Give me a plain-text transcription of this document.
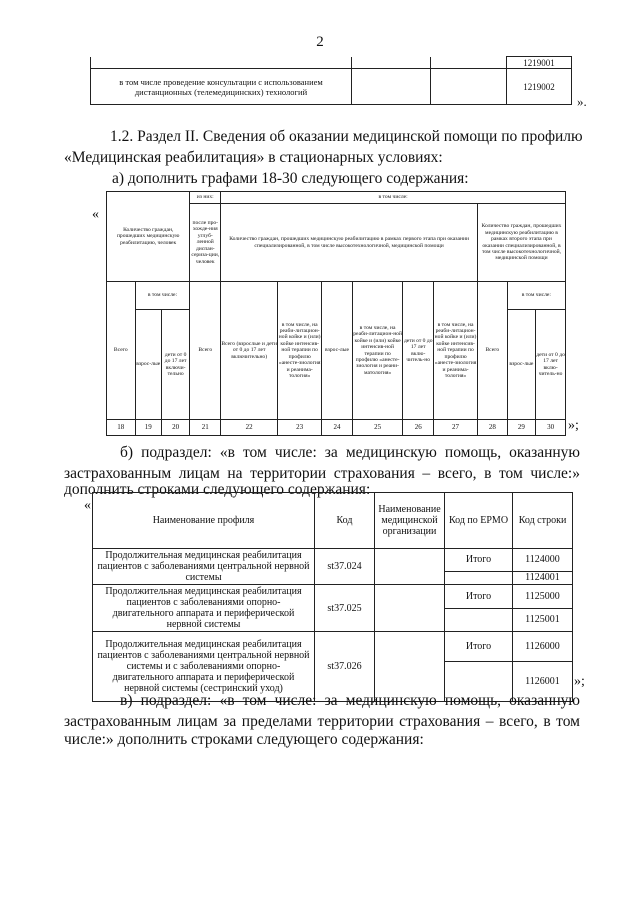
2
			1219001
в том числе проведение консультации с использованием дистанционных (телемедицинских) технологий			1219002
».
1.2. Раздел II. Сведения об оказании медицинской помощи по профилю «Медицинская реабилитация» в стационарных условиях:
а) дополнить графами 18-30 следующего содержания:
«
Количество граждан, прошедших медицинскую реабилитацию, человек			из них:	в том числе:								
			после про-хожде-ния углуб-ленной диспан-сериза-ции, человек	Количество граждан, прошедших медицинскую реабилитацию в рамках первого этапа при оказании специализированной, в том числе высокотехнологичной, медицинской помощи						Количество граждан, прошедших медицинскую реабилитацию в рамках второго этапа при оказании специализированной, в том числе высокотехнологичной, медицинской помощи		
Всего	в том числе:		Всего	Всего (взрослые и дети от 0 до 17 лет включительно)	в том числе, на реаби-литацион-ной койке и (или) койке интенсив-ной терапии по профилю «анесте-зиология и реанима-тология»	взрос-лые	в том числе, на реаби-литацион-ной койке и (или) койке интенсив-ной терапии по профилю «анесте-зиология и реани-матология»	дети от 0 до 17 лет вклю-читель-но	в том числе, на реаби-литацион-ной койке и (или) койке интенсив-ной терапии по профилю «анесте-зиология и реанима-тология»	Всего	в том числе:	
	взрос-лые	дети от 0 до 17 лет включи-тельно									взрос-лые	дети от 0 до 17 лет вклю-читель-но
18	19	20	21	22	23	24	25	26	27	28	29	30 »;
б) подраздел: «в том числе: за медицинскую помощь, оказанную
застрахованным лицам на территории страхования – всего, в том числе:»
дополнить строками следующего содержания:
«
Наименование профиля	Код	Наименование медицинской организации	Код по ЕРМО	Код строки
Продолжительная медицинская реабилитация пациентов с заболеваниями центральной нервной системы	st37.024		Итого	1124000
				1124001
Продолжительная медицинская реабилитация пациентов с заболеваниями опорно-двигательного аппарата и периферической нервной системы	st37.025		Итого	1125000
				1125001
Продолжительная медицинская реабилитация пациентов с заболеваниями центральной нервной системы и с заболеваниями опорно-двигательного аппарата и периферической нервной системы (сестринский уход)	st37.026		Итого	1126000
				1126001 »;
в) подраздел: «в том числе: за медицинскую помощь, оказанную
застрахованным лицам за пределами территории страхования – всего, в том
числе:» дополнить строками следующего содержания:
